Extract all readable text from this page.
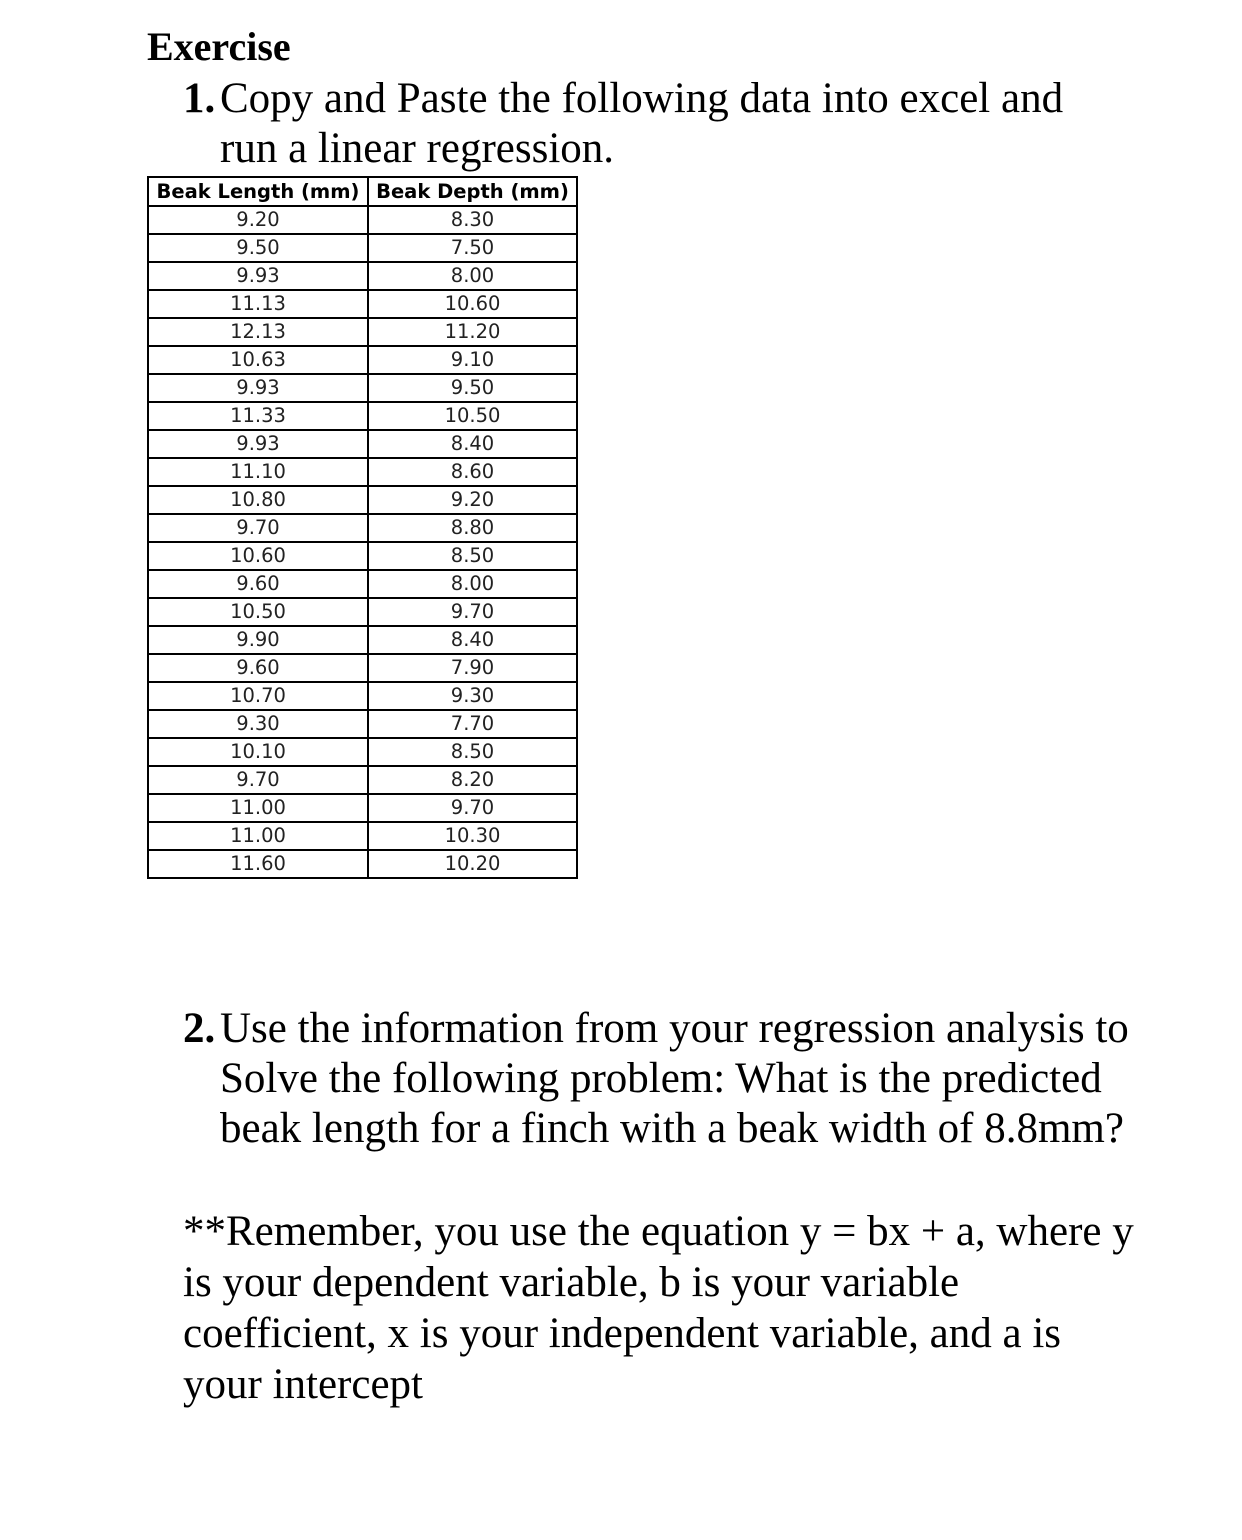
Exercise
1. Copy and Paste the following data into excel and run a linear regression.
Beak Length (mm)	Beak Depth (mm)
9.20	8.30
9.50	7.50
9.93	8.00
11.13	10.60
12.13	11.20
10.63	9.10
9.93	9.50
11.33	10.50
9.93	8.40
11.10	8.60
10.80	9.20
9.70	8.80
10.60	8.50
9.60	8.00
10.50	9.70
9.90	8.40
9.60	7.90
10.70	9.30
9.30	7.70
10.10	8.50
9.70	8.20
11.00	9.70
11.00	10.30
11.60	10.20
2. Use the information from your regression analysis to Solve the following problem: What is the predicted beak length for a finch with a beak width of 8.8mm?
**Remember, you use the equation y = bx + a, where y is your dependent variable, b is your variable coefficient, x is your independent variable, and a is your intercept
